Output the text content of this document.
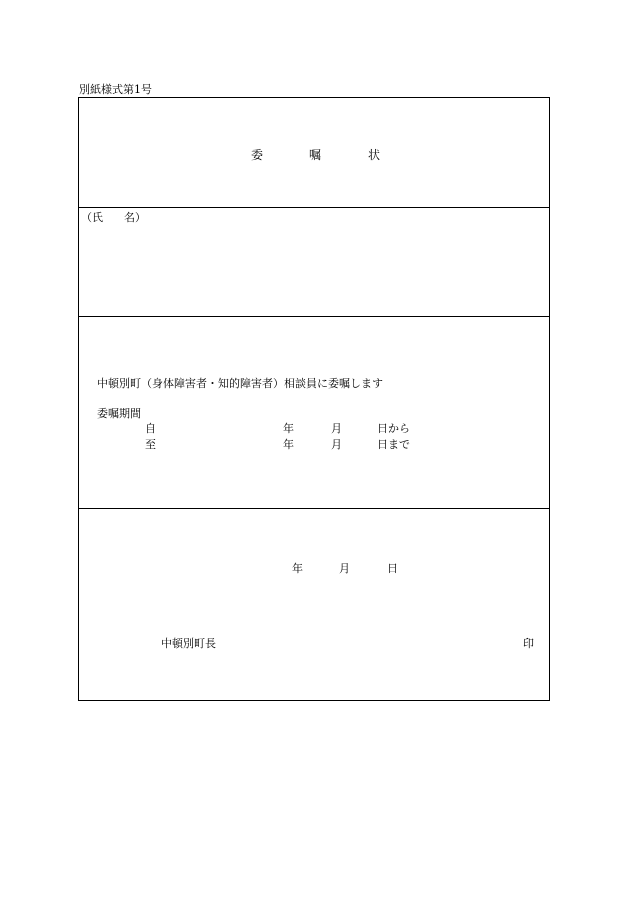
別紙様式第1号
委	嘱	状
（氏 名）
中頓別町（身体障害者・知的障害者）相談員に委嘱します
委嘱期間
自	年	月	日から
至	年	月	日まで
年	月	日
中頓別町長	印
